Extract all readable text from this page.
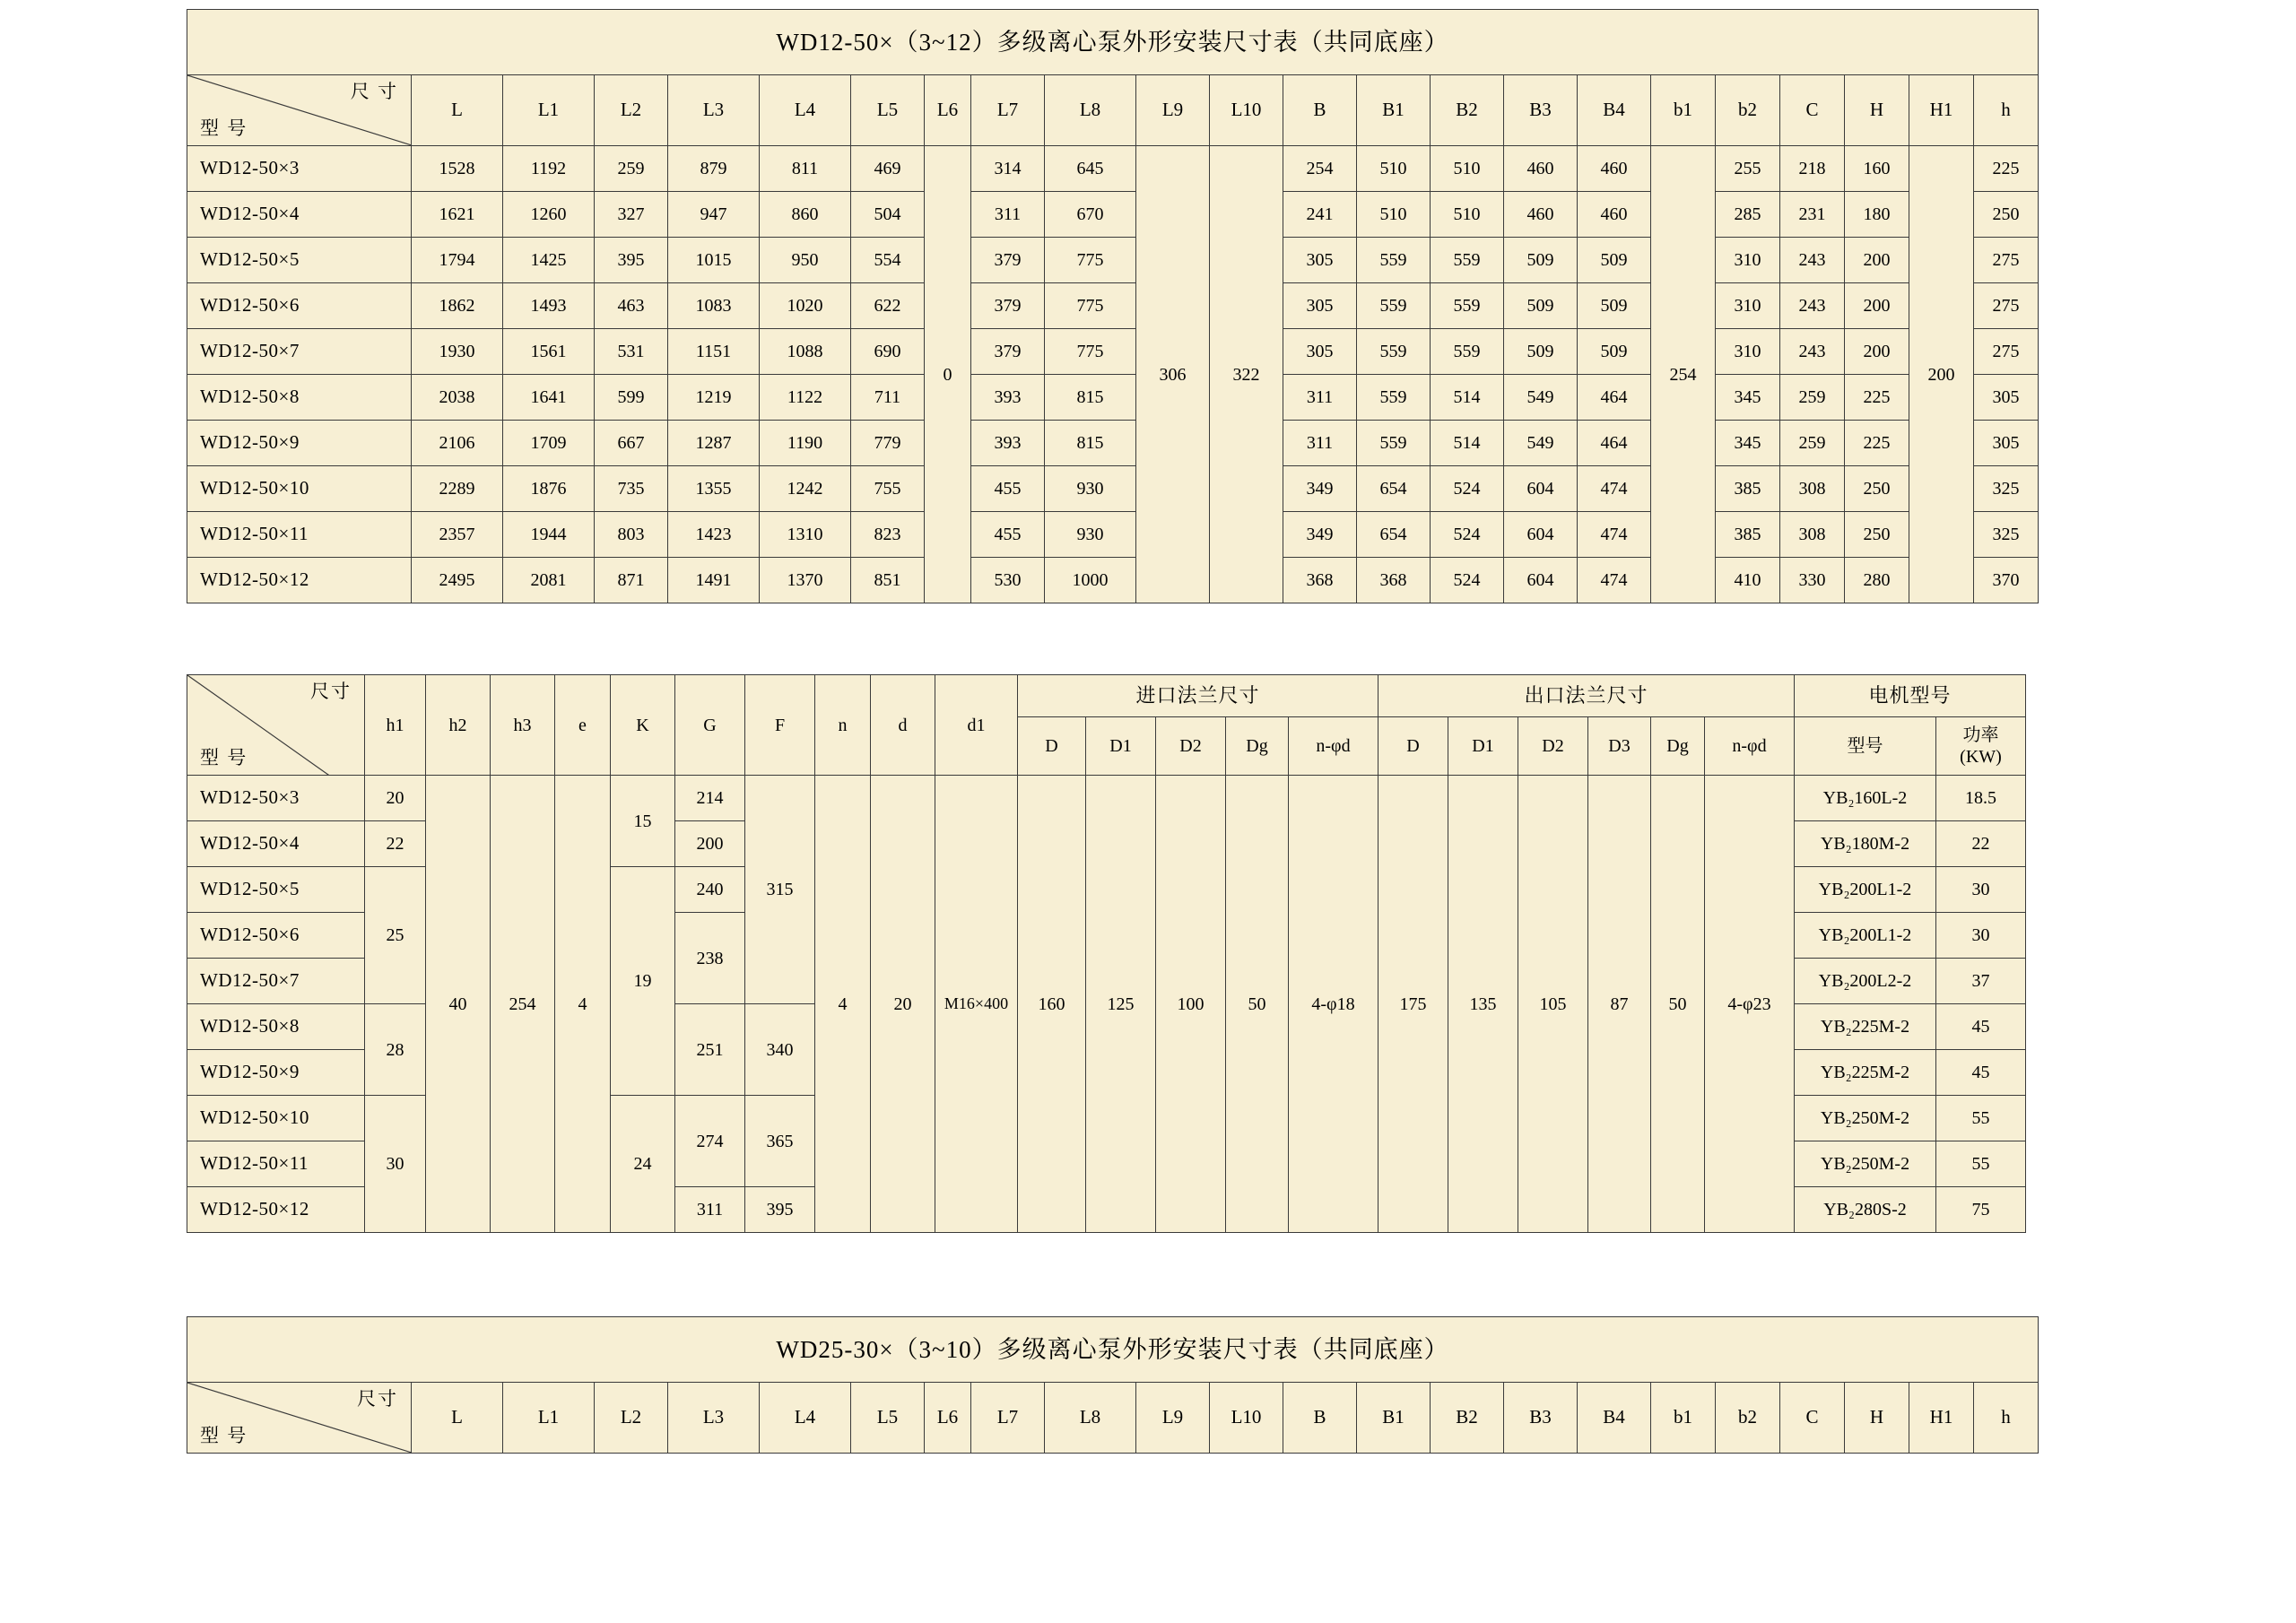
WD12-50×（3~12）多级离心泵外形安装尺寸表（共同底座）																						

尺 寸
型 号	L	L1	L2	L3	L4	L5	L6	L7	L8	L9	L10	B	B1	B2	B3	B4	b1	b2	C	H	H1	h
WD12-50×3	1528	1192	259	879	811	469	0	314	645	306	322	254	510	510	460	460	254	255	218	160	200	225
WD12-50×4	1621	1260	327	947	860	504		311	670			241	510	510	460	460		285	231	180		250
WD12-50×5	1794	1425	395	1015	950	554		379	775			305	559	559	509	509		310	243	200		275
WD12-50×6	1862	1493	463	1083	1020	622		379	775			305	559	559	509	509		310	243	200		275
WD12-50×7	1930	1561	531	1151	1088	690		379	775			305	559	559	509	509		310	243	200		275
WD12-50×8	2038	1641	599	1219	1122	711		393	815			311	559	514	549	464		345	259	225		305
WD12-50×9	2106	1709	667	1287	1190	779		393	815			311	559	514	549	464		345	259	225		305
WD12-50×10	2289	1876	735	1355	1242	755		455	930			349	654	524	604	474		385	308	250		325
WD12-50×11	2357	1944	803	1423	1310	823		455	930			349	654	524	604	474		385	308	250		325
WD12-50×12	2495	2081	871	1491	1370	851		530	1000			368	368	524	604	474		410	330	280		370
尺寸
型 号	h1	h2	h3	e	K	G	F	n	d	d1	进口法兰尺寸					出口法兰尺寸						电机型号	
											D	D1	D2	Dg	n-φd	D	D1	D2	D3	Dg	n-φd	型号	功率
(KW)

WD12-50×3	20	40	254	4	15	214	315	4	20	M16×400	160	125	100	50	4-φ18	175	135	105	87	50	4-φ23	YB₂160L-2	18.5
WD12-50×4	22					200																YB₂180M-2	22
WD12-50×5	25				19	240																YB₂200L1-2	30
WD12-50×6						238																YB₂200L1-2	30
WD12-50×7																						YB₂200L2-2	37
WD12-50×8	28					251	340															YB₂225M-2	45
WD12-50×9																						YB₂225M-2	45
WD12-50×10	30				24	274	365															YB₂250M-2	55
WD12-50×11																						YB₂250M-2	55
WD12-50×12						311	395															YB₂280S-2	75
WD25-30×（3~10）多级离心泵外形安装尺寸表（共同底座）

尺寸
型 号
	L	L1	L2	L3	L4	L5	L6	L7	L8	L9	L10	B	B1	B2	B3	B4	b1	b2	C	H	H1	h
